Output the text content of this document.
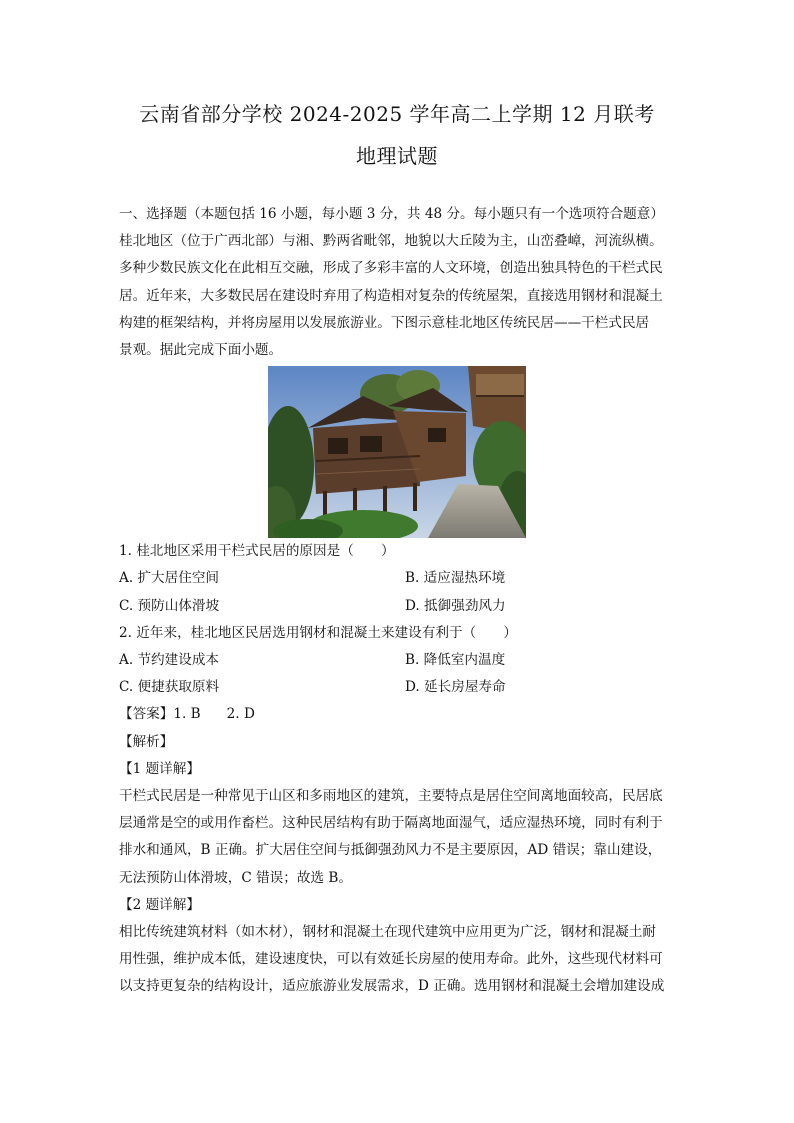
云南省部分学校 2024-2025 学年高二上学期 12 月联考
地理试题

一、选择题（本题包括 16 小题，每小题 3 分，共 48 分。每小题只有一个选项符合题意）

桂北地区（位于广西北部）与湘、黔两省毗邻，地貌以大丘陵为主，山峦叠嶂，河流纵横。

多种少数民族文化在此相互交融，形成了多彩丰富的人文环境，创造出独具特色的干栏式民

居。近年来，大多数民居在建设时弃用了构造相对复杂的传统屋架，直接选用钢材和混凝土

构建的框架结构，并将房屋用以发展旅游业。下图示意桂北地区传统民居——干栏式民居

景观。据此完成下面小题。

1. 桂北地区采用干栏式民居的原因是（　　）

A. 扩大居住空间	B. 适应湿热环境
C. 预防山体滑坡	D. 抵御强劲风力

2. 近年来，桂北地区民居选用钢材和混凝土来建设有利于（　　）

A. 节约建设成本	B. 降低室内温度
C. 便捷获取原料	D. 延长房屋寿命

【答案】1. B 2. D

【解析】

【1 题详解】

干栏式民居是一种常见于山区和多雨地区的建筑，主要特点是居住空间离地面较高，民居底

层通常是空的或用作畜栏。这种民居结构有助于隔离地面湿气，适应湿热环境，同时有利于

排水和通风，B 正确。扩大居住空间与抵御强劲风力不是主要原因，AD 错误；靠山建设，

无法预防山体滑坡，C 错误；故选 B。

【2 题详解】

相比传统建筑材料（如木材），钢材和混凝土在现代建筑中应用更为广泛，钢材和混凝土耐

用性强，维护成本低，建设速度快，可以有效延长房屋的使用寿命。此外，这些现代材料可

以支持更复杂的结构设计，适应旅游业发展需求，D 正确。选用钢材和混凝土会增加建设成
